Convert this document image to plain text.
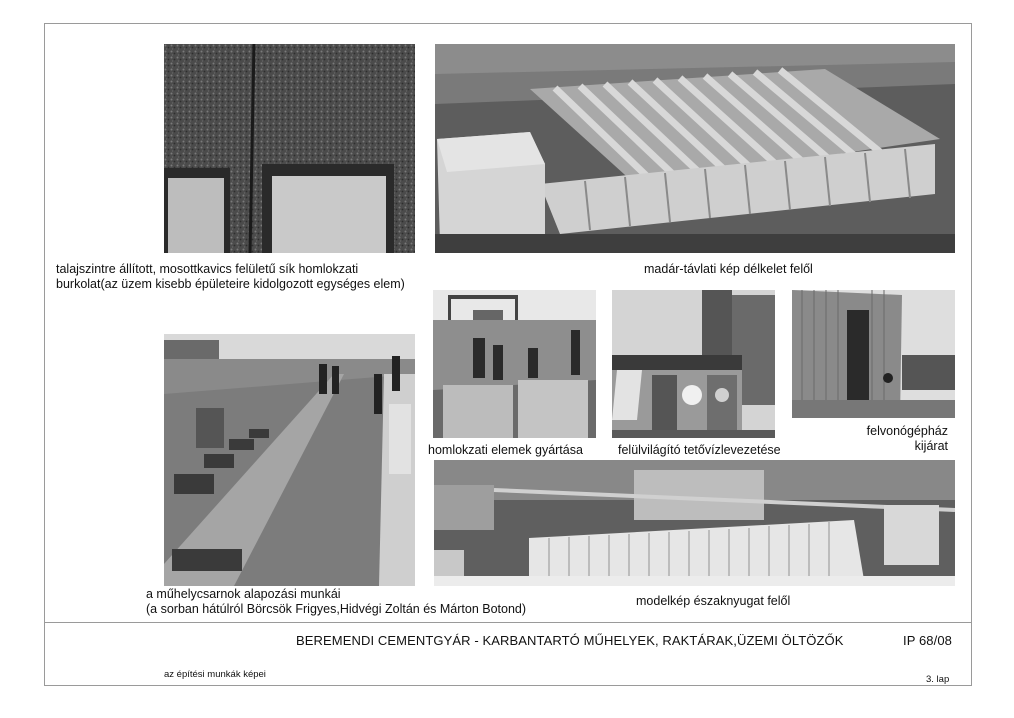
talajszintre állított, mosottkavics felületű sík homlokzati
burkolat(az üzem kisebb épületeire kidolgozott egységes elem)
madár-távlati kép délkelet felől
homlokzati elemek gyártása	felülvilágító tetővízlevezetése
felvonógépház
kijárat
a műhelycsarnok alapozási munkái
(a sorban hátúlról Börcsök Frigyes,Hidvégi Zoltán és Márton Botond)
modelkép északnyugat felől
BEREMENDI CEMENTGYÁR - KARBANTARTÓ MŰHELYEK, RAKTÁRAK,ÜZEMI ÖLTÖZŐK	IP 68/08
az építési munkák képei	3. lap
